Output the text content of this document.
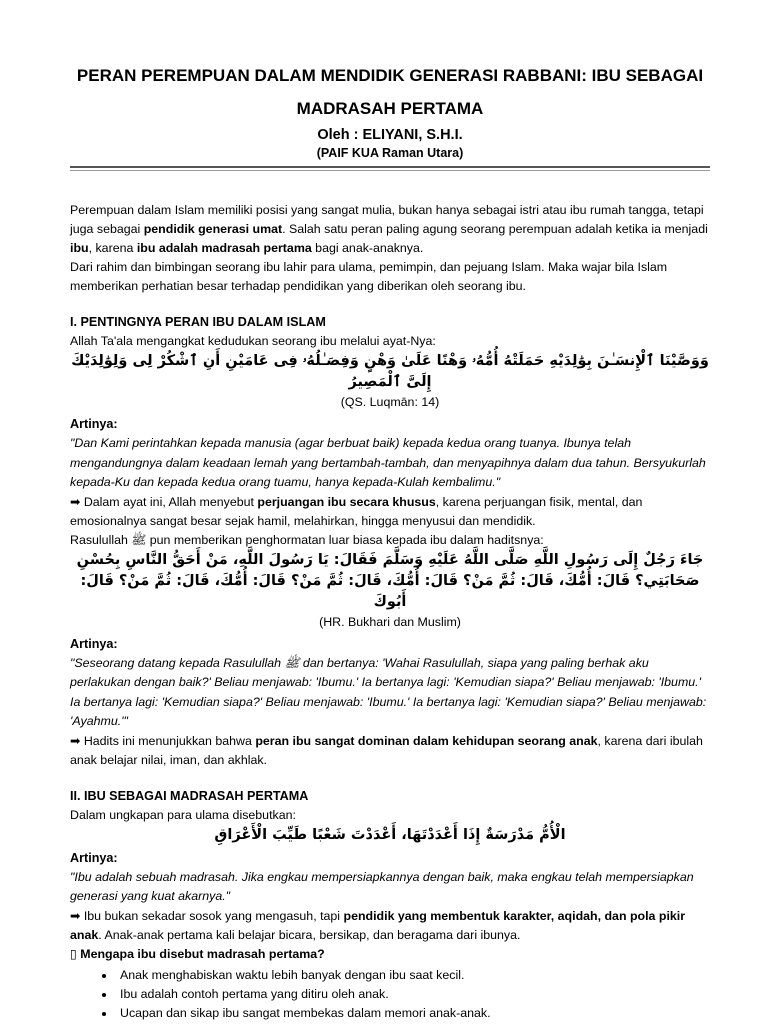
PERAN PEREMPUAN DALAM MENDIDIK GENERASI RABBANI: IBU SEBAGAI MADRASAH PERTAMA

Oleh : ELIYANI, S.H.I.

(PAIF KUA Raman Utara)

Perempuan dalam Islam memiliki posisi yang sangat mulia, bukan hanya sebagai istri atau ibu rumah tangga, tetapi juga sebagai pendidik generasi umat. Salah satu peran paling agung seorang perempuan adalah ketika ia menjadi ibu, karena ibu adalah madrasah pertama bagi anak-anaknya.

Dari rahim dan bimbingan seorang ibu lahir para ulama, pemimpin, dan pejuang Islam. Maka wajar bila Islam memberikan perhatian besar terhadap pendidikan yang diberikan oleh seorang ibu.

I. PENTINGNYA PERAN IBU DALAM ISLAM

Allah Ta'ala mengangkat kedudukan seorang ibu melalui ayat-Nya:

وَوَصَّيْنَا ٱلْإِنسَـٰنَ بِوَٰلِدَيْهِ حَمَلَتْهُ أُمُّهُۥ وَهْنًا عَلَىٰ وَهْنٍ وَفِصَـٰلُهُۥ فِى عَامَيْنِ أَنِ ٱشْكُرْ لِى وَلِوَٰلِدَيْكَ إِلَىَّ ٱلْمَصِيرُ

(QS. Luqmān: 14)

Artinya:

"Dan Kami perintahkan kepada manusia (agar berbuat baik) kepada kedua orang tuanya. Ibunya telah mengandungnya dalam keadaan lemah yang bertambah-tambah, dan menyapihnya dalam dua tahun. Bersyukurlah kepada-Ku dan kepada kedua orang tuamu, hanya kepada-Kulah kembalimu."

➡ Dalam ayat ini, Allah menyebut perjuangan ibu secara khusus, karena perjuangan fisik, mental, dan emosionalnya sangat besar sejak hamil, melahirkan, hingga menyusui dan mendidik.

Rasulullah ﷺ pun memberikan penghormatan luar biasa kepada ibu dalam haditsnya:

جَاءَ رَجُلٌ إِلَى رَسُولِ اللَّهِ صَلَّى اللَّهُ عَلَيْهِ وَسَلَّمَ فَقَالَ: يَا رَسُولَ اللَّهِ، مَنْ أَحَقُّ النَّاسِ بِحُسْنِ صَحَابَتِي؟ قَالَ: أُمُّكَ، قَالَ: ثُمَّ مَنْ؟ قَالَ: أُمُّكَ، قَالَ: ثُمَّ مَنْ؟ قَالَ: أُمُّكَ، قَالَ: ثُمَّ مَنْ؟ قَالَ: أَبُوكَ

(HR. Bukhari dan Muslim)

Artinya:

"Seseorang datang kepada Rasulullah ﷺ dan bertanya: 'Wahai Rasulullah, siapa yang paling berhak aku perlakukan dengan baik?' Beliau menjawab: 'Ibumu.' Ia bertanya lagi: 'Kemudian siapa?' Beliau menjawab: 'Ibumu.' Ia bertanya lagi: 'Kemudian siapa?' Beliau menjawab: 'Ibumu.' Ia bertanya lagi: 'Kemudian siapa?' Beliau menjawab: 'Ayahmu.'"

➡ Hadits ini menunjukkan bahwa peran ibu sangat dominan dalam kehidupan seorang anak, karena dari ibulah anak belajar nilai, iman, dan akhlak.

II. IBU SEBAGAI MADRASAH PERTAMA

Dalam ungkapan para ulama disebutkan:

الْأُمُّ مَدْرَسَةٌ إِذَا أَعْدَدْتَهَا، أَعْدَدْتَ شَعْبًا طَيِّبَ الْأَعْرَاقِ

Artinya:

"Ibu adalah sebuah madrasah. Jika engkau mempersiapkannya dengan baik, maka engkau telah mempersiapkan generasi yang kuat akarnya."

➡ Ibu bukan sekadar sosok yang mengasuh, tapi pendidik yang membentuk karakter, aqidah, dan pola pikir anak. Anak-anak pertama kali belajar bicara, bersikap, dan beragama dari ibunya.

▯ Mengapa ibu disebut madrasah pertama?

• Anak menghabiskan waktu lebih banyak dengan ibu saat kecil.
• Ibu adalah contoh pertama yang ditiru oleh anak.
• Ucapan dan sikap ibu sangat membekas dalam memori anak-anak.
